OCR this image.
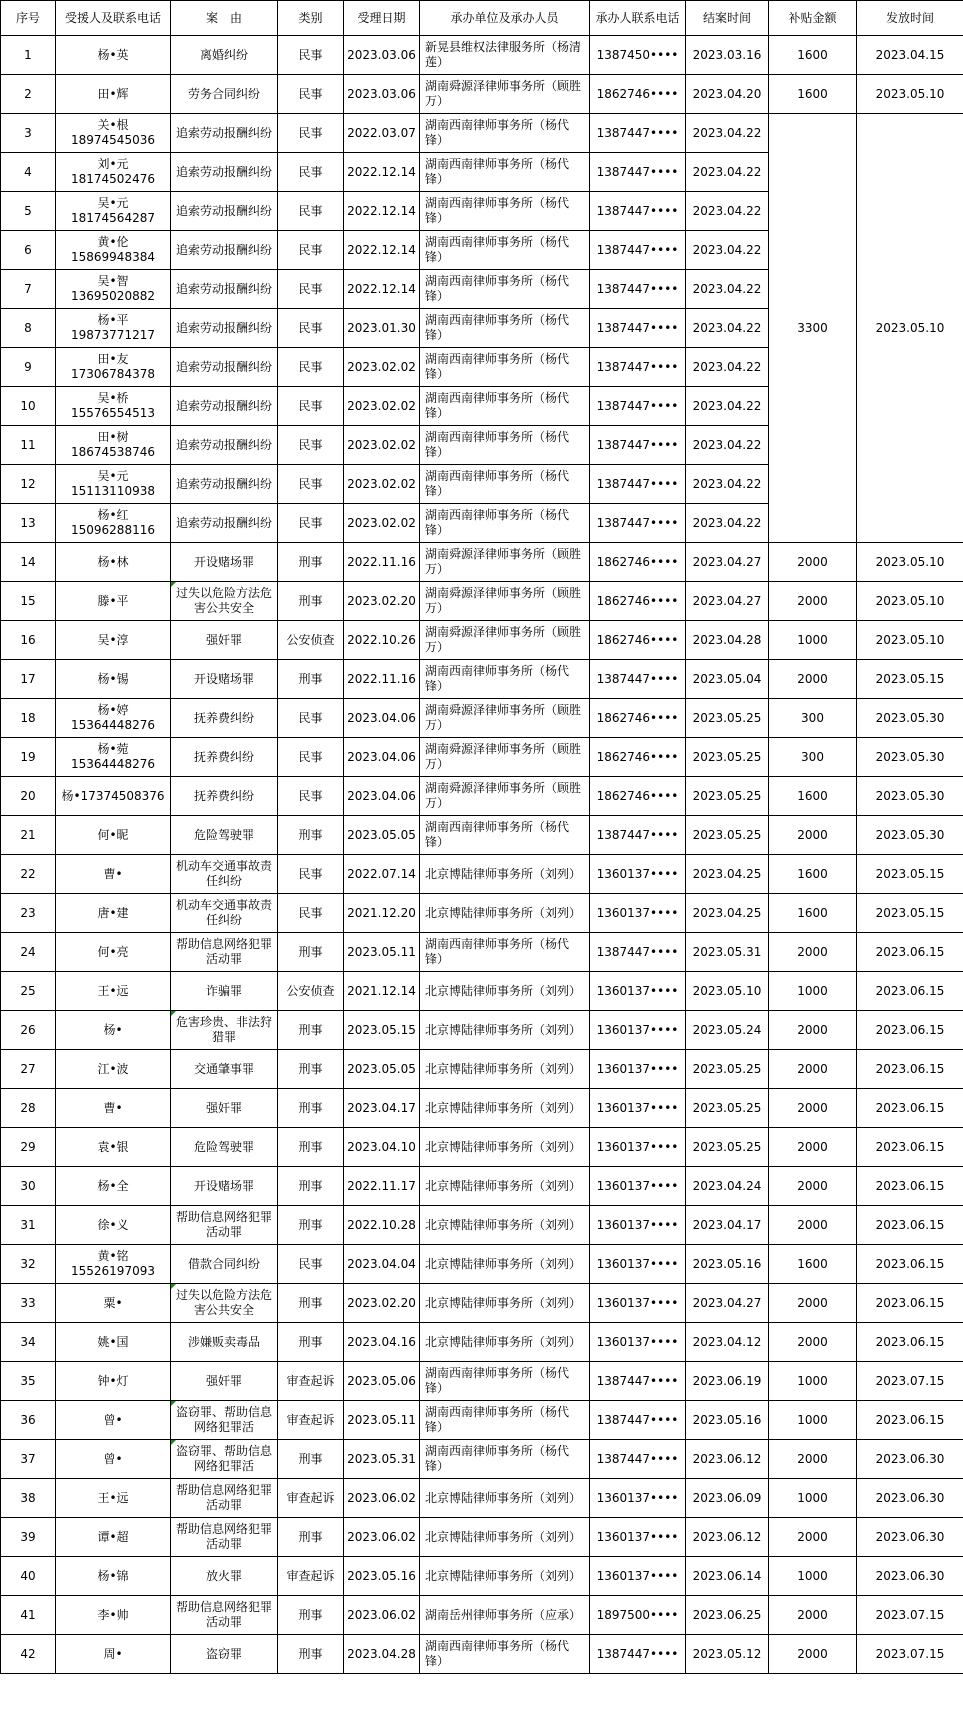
序号	受援人及联系电话	案　由	类别	受理日期	承办单位及承办人员	承办人联系电话	结案时间	补贴金额	发放时间
1	杨•英	离婚纠纷	民事	2023.03.06	新晃县维权法律服务所（杨清莲）	1387450••••	2023.03.16	1600	2023.04.15
2	田•辉	劳务合同纠纷	民事	2023.03.06	湖南舜源泽律师事务所（顾胜万）	1862746••••	2023.04.20	1600	2023.05.10
3	关•根
18974545036	追索劳动报酬纠纷	民事	2022.03.07	湖南西南律师事务所（杨代锋）	1387447••••	2023.04.22	3300	2023.05.10
4	刘•元
18174502476	追索劳动报酬纠纷	民事	2022.12.14	湖南西南律师事务所（杨代锋）	1387447••••	2023.04.22		
5	吴•元
18174564287	追索劳动报酬纠纷	民事	2022.12.14	湖南西南律师事务所（杨代锋）	1387447••••	2023.04.22		
6	黄•伦
15869948384	追索劳动报酬纠纷	民事	2022.12.14	湖南西南律师事务所（杨代锋）	1387447••••	2023.04.22		
7	吴•智
13695020882	追索劳动报酬纠纷	民事	2022.12.14	湖南西南律师事务所（杨代锋）	1387447••••	2023.04.22		
8	杨•平
19873771217	追索劳动报酬纠纷	民事	2023.01.30	湖南西南律师事务所（杨代锋）	1387447••••	2023.04.22		
9	田•友
17306784378	追索劳动报酬纠纷	民事	2023.02.02	湖南西南律师事务所（杨代锋）	1387447••••	2023.04.22		
10	吴•桥
15576554513	追索劳动报酬纠纷	民事	2023.02.02	湖南西南律师事务所（杨代锋）	1387447••••	2023.04.22		
11	田•树
18674538746	追索劳动报酬纠纷	民事	2023.02.02	湖南西南律师事务所（杨代锋）	1387447••••	2023.04.22		
12	吴•元
15113110938	追索劳动报酬纠纷	民事	2023.02.02	湖南西南律师事务所（杨代锋）	1387447••••	2023.04.22		
13	杨•红
15096288116	追索劳动报酬纠纷	民事	2023.02.02	湖南西南律师事务所（杨代锋）	1387447••••	2023.04.22		
14	杨•林	开设赌场罪	刑事	2022.11.16	湖南舜源泽律师事务所（顾胜万）	1862746••••	2023.04.27	2000	2023.05.10
15	滕•平	过失以危险方法危害公共安全	刑事	2023.02.20	湖南舜源泽律师事务所（顾胜万）	1862746••••	2023.04.27	2000	2023.05.10
16	吴•淳	强奸罪	公安侦查	2022.10.26	湖南舜源泽律师事务所（顾胜万）	1862746••••	2023.04.28	1000	2023.05.10
17	杨•锡	开设赌场罪	刑事	2022.11.16	湖南西南律师事务所（杨代锋）	1387447••••	2023.05.04	2000	2023.05.15
18	杨•婷
15364448276	抚养费纠纷	民事	2023.04.06	湖南舜源泽律师事务所（顾胜万）	1862746••••	2023.05.25	300	2023.05.30
19	杨•菀
15364448276	抚养费纠纷	民事	2023.04.06	湖南舜源泽律师事务所（顾胜万）	1862746••••	2023.05.25	300	2023.05.30
20	杨•17374508376	抚养费纠纷	民事	2023.04.06	湖南舜源泽律师事务所（顾胜万）	1862746••••	2023.05.25	1600	2023.05.30
21	何•昵	危险驾驶罪	刑事	2023.05.05	湖南西南律师事务所（杨代锋）	1387447••••	2023.05.25	2000	2023.05.30
22	曹•	机动车交通事故责任纠纷	民事	2022.07.14	北京博陆律师事务所（刘列）	1360137••••	2023.04.25	1600	2023.05.15
23	唐•建	机动车交通事故责任纠纷	民事	2021.12.20	北京博陆律师事务所（刘列）	1360137••••	2023.04.25	1600	2023.05.15
24	何•亮	帮助信息网络犯罪活动罪	刑事	2023.05.11	湖南西南律师事务所（杨代锋）	1387447••••	2023.05.31	2000	2023.06.15
25	王•远	诈骗罪	公安侦查	2021.12.14	北京博陆律师事务所（刘列）	1360137••••	2023.05.10	1000	2023.06.15
26	杨•	危害珍贵、非法狩猎罪	刑事	2023.05.15	北京博陆律师事务所（刘列）	1360137••••	2023.05.24	2000	2023.06.15
27	江•波	交通肇事罪	刑事	2023.05.05	北京博陆律师事务所（刘列）	1360137••••	2023.05.25	2000	2023.06.15
28	曹•	强奸罪	刑事	2023.04.17	北京博陆律师事务所（刘列）	1360137••••	2023.05.25	2000	2023.06.15
29	袁•银	危险驾驶罪	刑事	2023.04.10	北京博陆律师事务所（刘列）	1360137••••	2023.05.25	2000	2023.06.15
30	杨•全	开设赌场罪	刑事	2022.11.17	北京博陆律师事务所（刘列）	1360137••••	2023.04.24	2000	2023.06.15
31	徐•义	帮助信息网络犯罪活动罪	刑事	2022.10.28	北京博陆律师事务所（刘列）	1360137••••	2023.04.17	2000	2023.06.15
32	黄•铭
15526197093	借款合同纠纷	民事	2023.04.04	北京博陆律师事务所（刘列）	1360137••••	2023.05.16	1600	2023.06.15
33	粟•	过失以危险方法危害公共安全	刑事	2023.02.20	北京博陆律师事务所（刘列）	1360137••••	2023.04.27	2000	2023.06.15
34	姚•国	涉嫌贩卖毒品	刑事	2023.04.16	北京博陆律师事务所（刘列）	1360137••••	2023.04.12	2000	2023.06.15
35	钟•灯	强奸罪	审查起诉	2023.05.06	湖南西南律师事务所（杨代锋）	1387447••••	2023.06.19	1000	2023.07.15
36	曾•	盗窃罪、帮助信息网络犯罪活	审查起诉	2023.05.11	湖南西南律师事务所（杨代锋）	1387447••••	2023.05.16	1000	2023.06.15
37	曾•	盗窃罪、帮助信息网络犯罪活	刑事	2023.05.31	湖南西南律师事务所（杨代锋）	1387447••••	2023.06.12	2000	2023.06.30
38	王•远	帮助信息网络犯罪活动罪	审查起诉	2023.06.02	北京博陆律师事务所（刘列）	1360137••••	2023.06.09	1000	2023.06.30
39	谭•超	帮助信息网络犯罪活动罪	刑事	2023.06.02	北京博陆律师事务所（刘列）	1360137••••	2023.06.12	2000	2023.06.30
40	杨•锦	放火罪	审查起诉	2023.05.16	北京博陆律师事务所（刘列）	1360137••••	2023.06.14	1000	2023.06.30
41	李•帅	帮助信息网络犯罪活动罪	刑事	2023.06.02	湖南岳州律师事务所（应承）	1897500••••	2023.06.25	2000	2023.07.15
42	周•	盗窃罪	刑事	2023.04.28	湖南西南律师事务所（杨代锋）	1387447••••	2023.05.12	2000	2023.07.15
